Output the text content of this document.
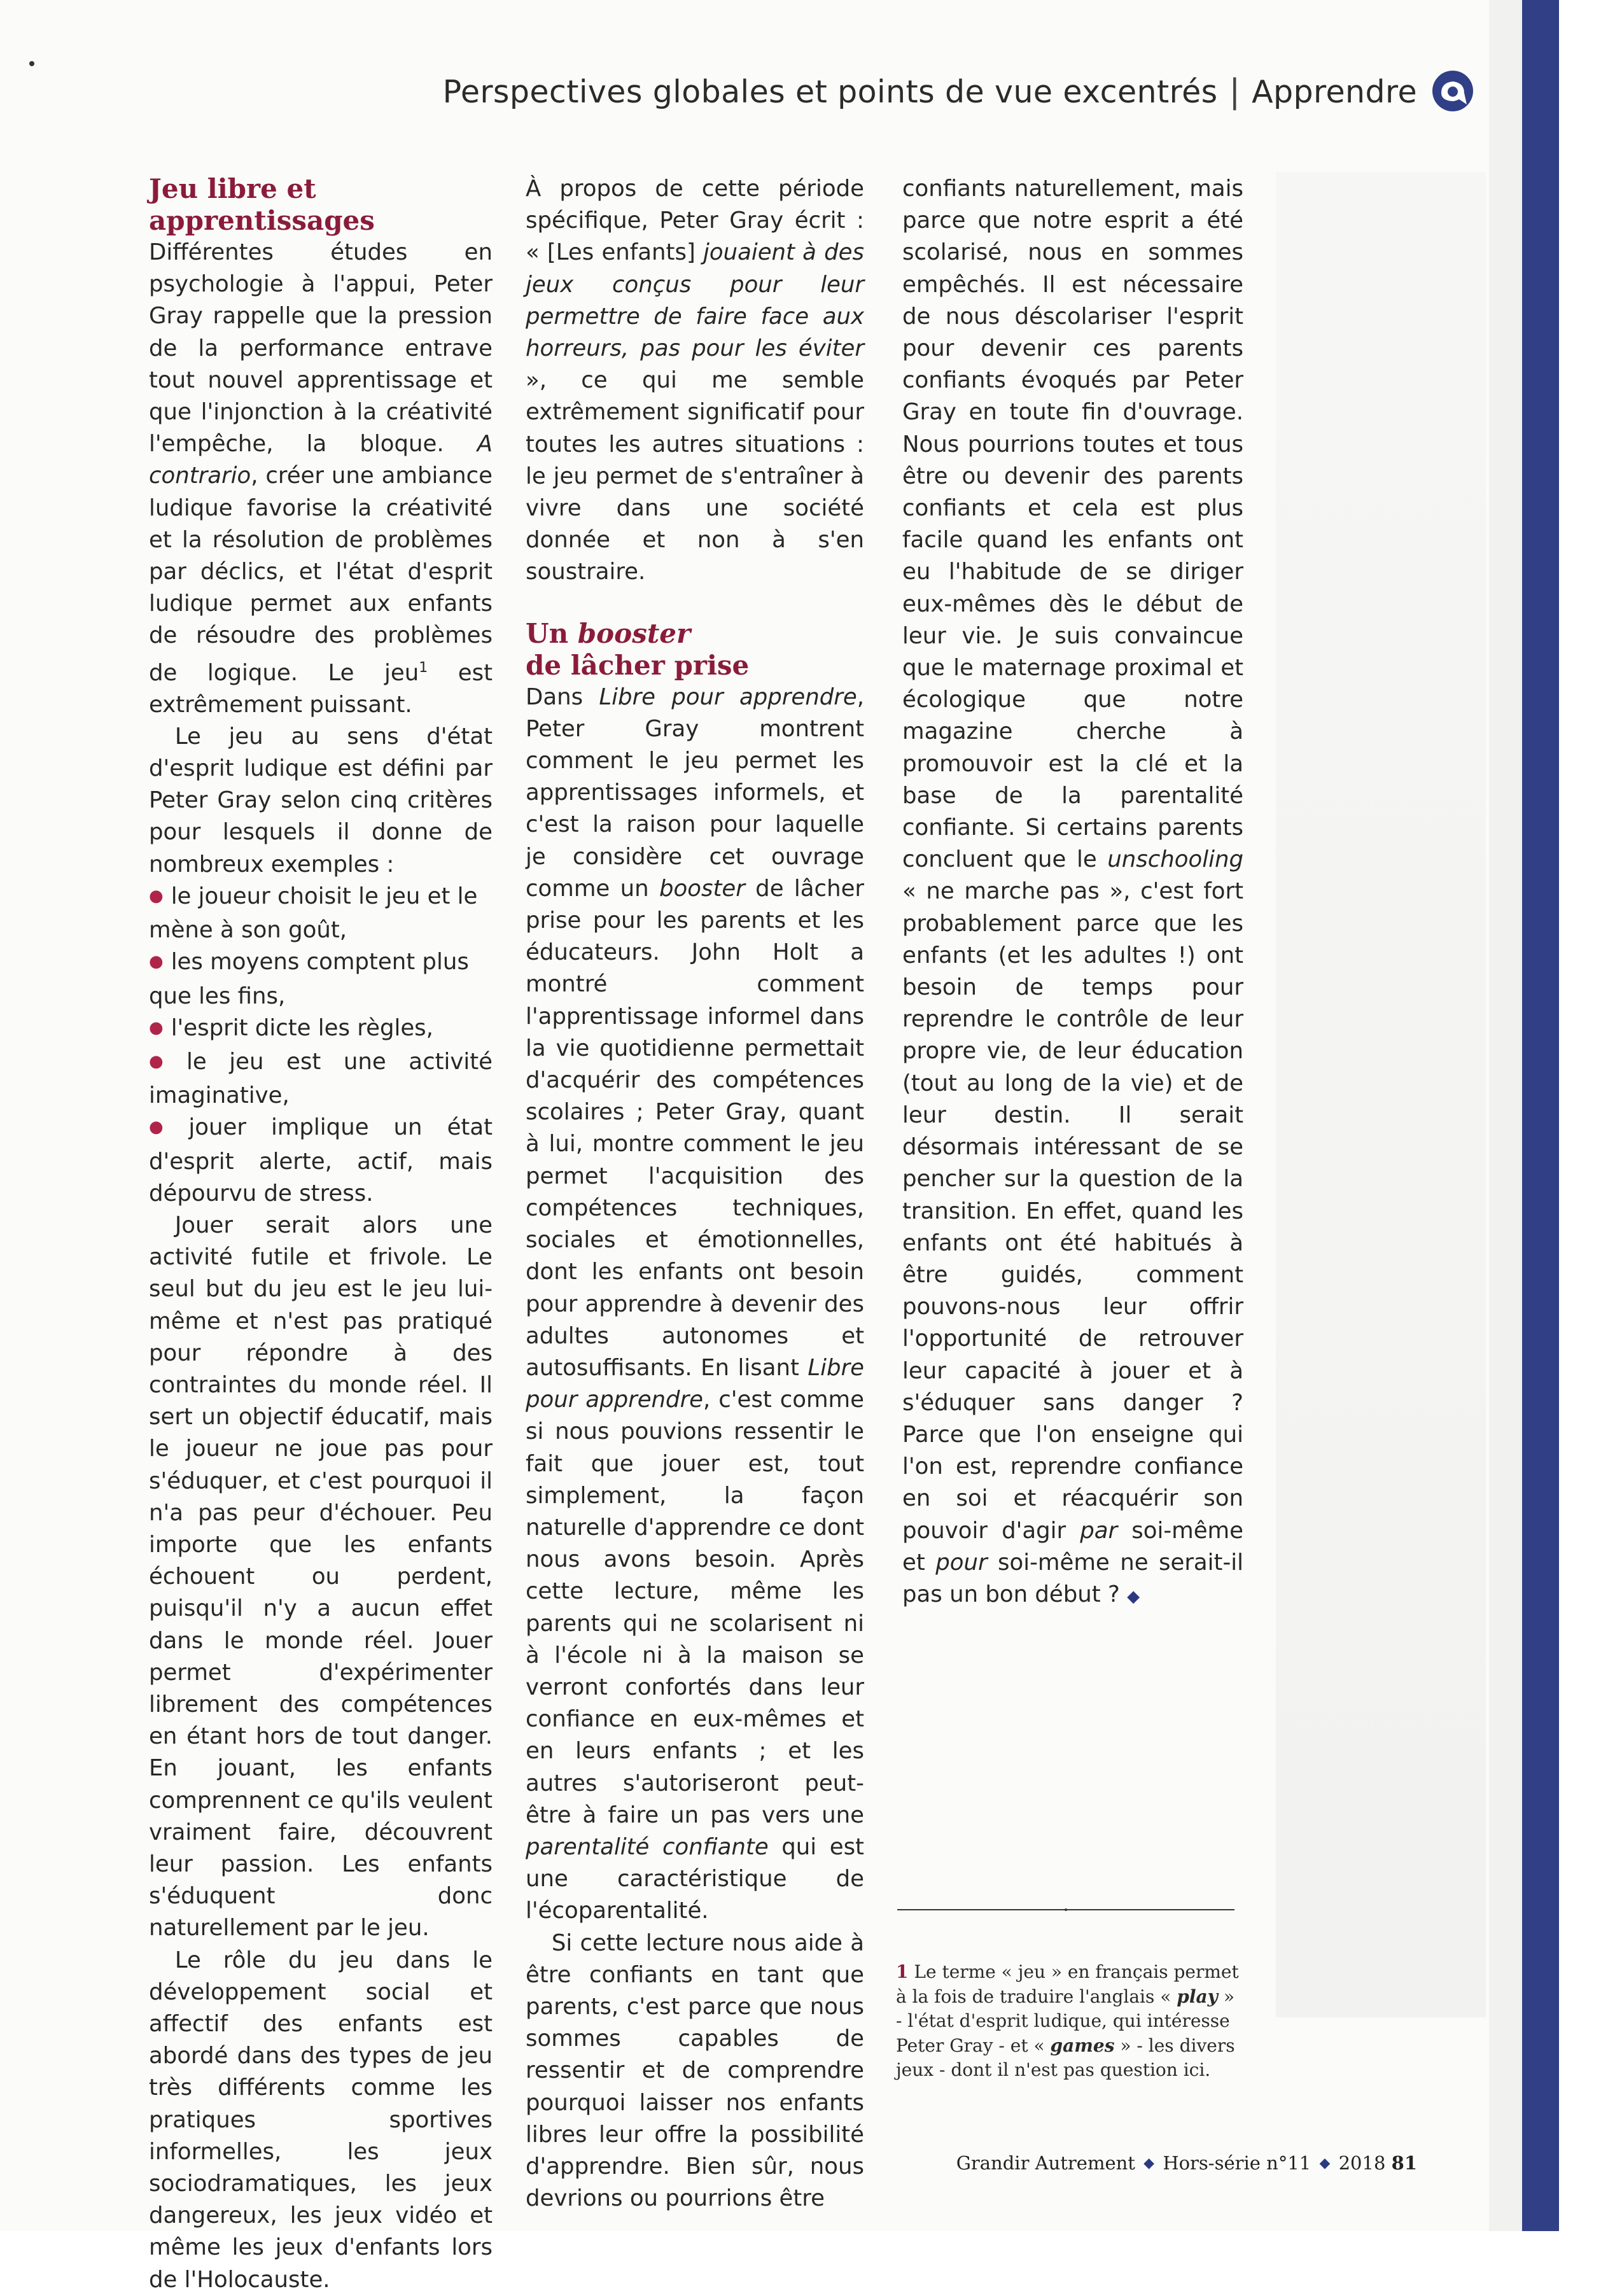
Perspectives globales et points de vue excentrés | Apprendre
Jeu libre et apprentissages

Différentes études en psychologie à l'appui, Peter Gray rappelle que la pression de la performance entrave tout nouvel apprentissage et que l'injonction à la créativité l'empêche, la bloque. A contrario, créer une ambiance ludique favorise la créativité et la résolution de problèmes par déclics, et l'état d'esprit ludique permet aux enfants de résoudre des problèmes de logique. Le jeu$^1$ est extrêmement puissant.

Le jeu au sens d'état d'esprit ludique est défini par Peter Gray selon cinq critères pour lesquels il donne de nombreux exemples :

● le joueur choisit le jeu et le mène à son goût,

● les moyens comptent plus que les fins,

● l'esprit dicte les règles,

● le jeu est une activité imaginative,

● jouer implique un état d'esprit alerte, actif, mais dépourvu de stress.

Jouer serait alors une activité futile et frivole. Le seul but du jeu est le jeu lui-même et n'est pas pratiqué pour répondre à des contraintes du monde réel. Il sert un objectif éducatif, mais le joueur ne joue pas pour s'éduquer, et c'est pourquoi il n'a pas peur d'échouer. Peu importe que les enfants échouent ou perdent, puisqu'il n'y a aucun effet dans le monde réel. Jouer permet d'expérimenter librement des compétences en étant hors de tout danger. En jouant, les enfants comprennent ce qu'ils veulent vraiment faire, découvrent leur passion. Les enfants s'éduquent donc naturellement par le jeu.

Le rôle du jeu dans le développement social et affectif des enfants est abordé dans des types de jeu très différents comme les pratiques sportives informelles, les jeux sociodramatiques, les jeux dangereux, les jeux vidéo et même les jeux d'enfants lors de l'Holocauste.

À propos de cette période spécifique, Peter Gray écrit : « [Les enfants] jouaient à des jeux conçus pour leur permettre de faire face aux horreurs, pas pour les éviter », ce qui me semble extrêmement significatif pour toutes les autres situations : le jeu permet de s'entraîner à vivre dans une société donnée et non à s'en soustraire.

Un booster
de lâcher prise

Dans Libre pour apprendre, Peter Gray montrent comment le jeu permet les apprentissages informels, et c'est la raison pour laquelle je considère cet ouvrage comme un booster de lâcher prise pour les parents et les éducateurs. John Holt a montré comment l'apprentissage informel dans la vie quotidienne permettait d'acquérir des compétences scolaires ; Peter Gray, quant à lui, montre comment le jeu permet l'acquisition des compétences techniques, sociales et émotionnelles, dont les enfants ont besoin pour apprendre à devenir des adultes autonomes et autosuffisants. En lisant Libre pour apprendre, c'est comme si nous pouvions ressentir le fait que jouer est, tout simplement, la façon naturelle d'apprendre ce dont nous avons besoin. Après cette lecture, même les parents qui ne scolarisent ni à l'école ni à la maison se verront confortés dans leur confiance en eux-mêmes et en leurs enfants ; et les autres s'autoriseront peut-être à faire un pas vers une parentalité confiante qui est une caractéristique de l'écoparentalité.

Si cette lecture nous aide à être confiants en tant que parents, c'est parce que nous sommes capables de ressentir et de comprendre pourquoi laisser nos enfants libres leur offre la possibilité d'apprendre. Bien sûr, nous devrions ou pourrions être

confiants naturellement, mais parce que notre esprit a été scolarisé, nous en sommes empêchés. Il est nécessaire de nous déscolariser l'esprit pour devenir ces parents confiants évoqués par Peter Gray en toute fin d'ouvrage. Nous pourrions toutes et tous être ou devenir des parents confiants et cela est plus facile quand les enfants ont eu l'habitude de se diriger eux-mêmes dès le début de leur vie. Je suis convaincue que le maternage proximal et écologique que notre magazine cherche à promouvoir est la clé et la base de la parentalité confiante. Si certains parents concluent que le unschooling « ne marche pas », c'est fort probablement parce que les enfants (et les adultes !) ont besoin de temps pour reprendre le contrôle de leur propre vie, de leur éducation (tout au long de la vie) et de leur destin. Il serait désormais intéressant de se pencher sur la question de la transition. En effet, quand les enfants ont été habitués à être guidés, comment pouvons-nous leur offrir l'opportunité de retrouver leur capacité à jouer et à s'éduquer sans danger ? Parce que l'on enseigne qui l'on est, reprendre confiance en soi et réacquérir son pouvoir d'agir par soi-même et pour soi-même ne serait-il pas un bon début ? ◆

1 Le terme « jeu » en français permet à la fois de traduire l'anglais « play » - l'état d'esprit ludique, qui intéresse Peter Gray - et « games » - les divers jeux - dont il n'est pas question ici.
Grandir Autrement ◆ Hors-série n°11 ◆ 2018 81
